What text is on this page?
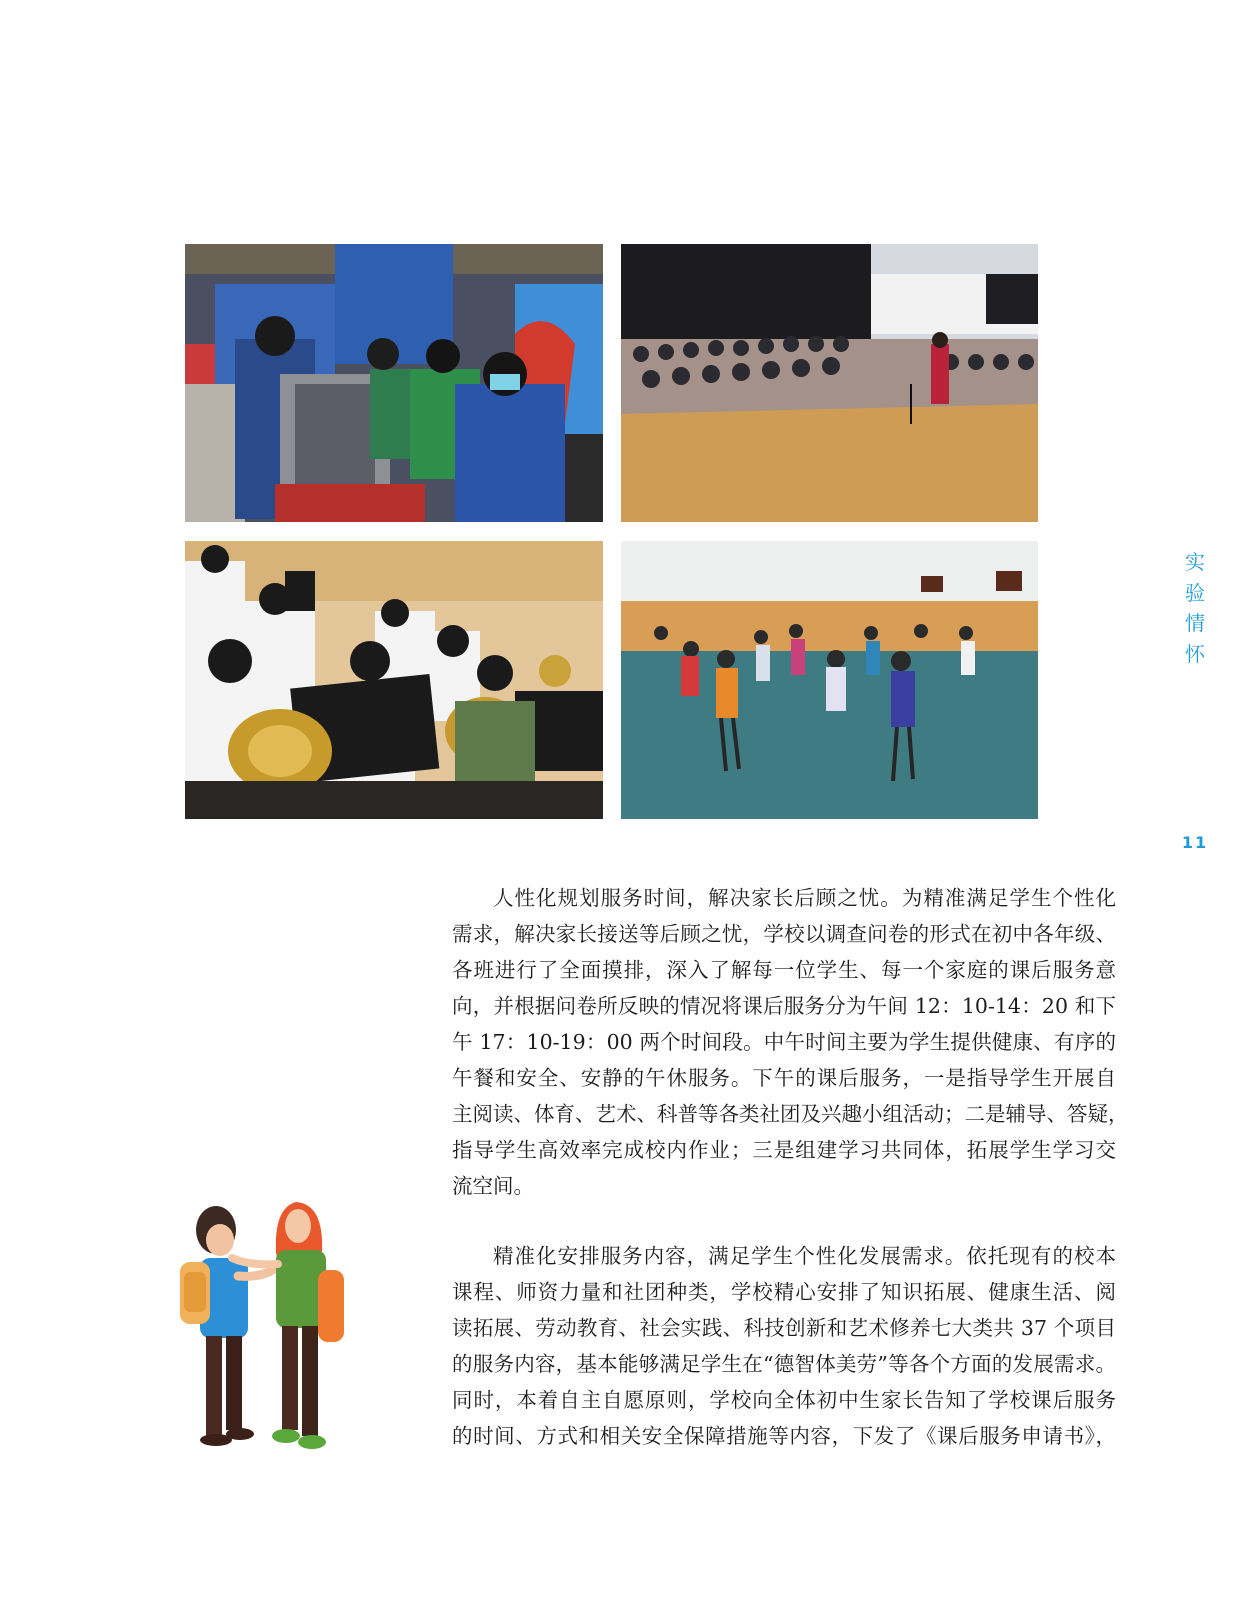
实
验
情
怀
11
人性化规划服务时间，解决家长后顾之忧。为精准满足学生个性化
需求，解决家长接送等后顾之忧，学校以调查问卷的形式在初中各年级、
各班进行了全面摸排，深入了解每一位学生、每一个家庭的课后服务意
向，并根据问卷所反映的情况将课后服务分为午间 12：10-14：20 和下
午 17：10-19：00 两个时间段。中午时间主要为学生提供健康、有序的
午餐和安全、安静的午休服务。下午的课后服务，一是指导学生开展自
主阅读、体育、艺术、科普等各类社团及兴趣小组活动；二是辅导、答疑，
指导学生高效率完成校内作业；三是组建学习共同体，拓展学生学习交
流空间。
精准化安排服务内容，满足学生个性化发展需求。依托现有的校本
课程、师资力量和社团种类，学校精心安排了知识拓展、健康生活、阅
读拓展、劳动教育、社会实践、科技创新和艺术修养七大类共 37 个项目
的服务内容，基本能够满足学生在“德智体美劳”等各个方面的发展需求。
同时，本着自主自愿原则，学校向全体初中生家长告知了学校课后服务
的时间、方式和相关安全保障措施等内容，下发了《课后服务申请书》，
